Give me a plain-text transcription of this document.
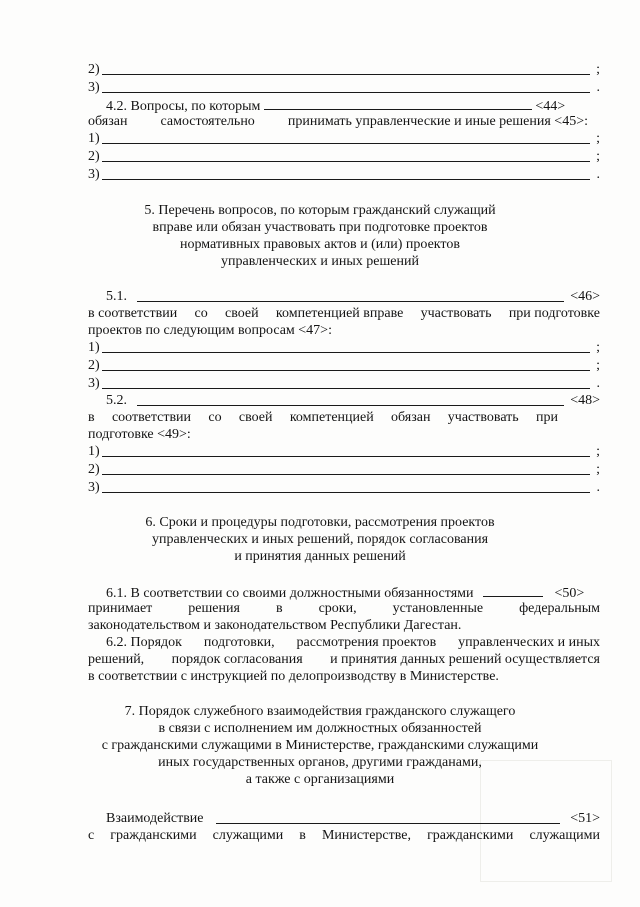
2)	;
3)	.
4.2. Вопросы, по которым	<44>
обязан самостоятельно принимать управленческие и иные решения <45>:
1)	;
2)	;
3)	.
5. Перечень вопросов, по которым гражданский служащий
вправе или обязан участвовать при подготовке проектов
нормативных правовых актов и (или) проектов
управленческих и иных решений
5.1.	<46>
в соответствии со своей компетенцией вправе участвовать при подготовке
проектов по следующим вопросам <47>:
1)	;
2)	;
3)	.
5.2.	<48>
в соответствии со своей компетенцией обязан участвовать при
подготовке <49>:
1)	;
2)	;
3)	.
6. Сроки и процедуры подготовки, рассмотрения проектов
управленческих и иных решений, порядок согласования
и принятия данных решений
6.1. В соответствии со своими должностными обязанностями	<50>
принимает	решения	в	сроки,	установленные	федеральным
законодательством и законодательством Республики Дагестан.
6.2. Порядок подготовки, рассмотрения проектов управленческих и иных
решений, порядок согласования и принятия данных решений осуществляется
в соответствии с инструкцией по делопроизводству в Министерстве.
7. Порядок служебного взаимодействия гражданского служащего
в связи с исполнением им должностных обязанностей
с гражданскими служащими в Министерстве, гражданскими служащими
иных государственных органов, другими гражданами,
а также с организациями
Взаимодействие	<51>
с гражданскими служащими в Министерстве, гражданскими служащими
